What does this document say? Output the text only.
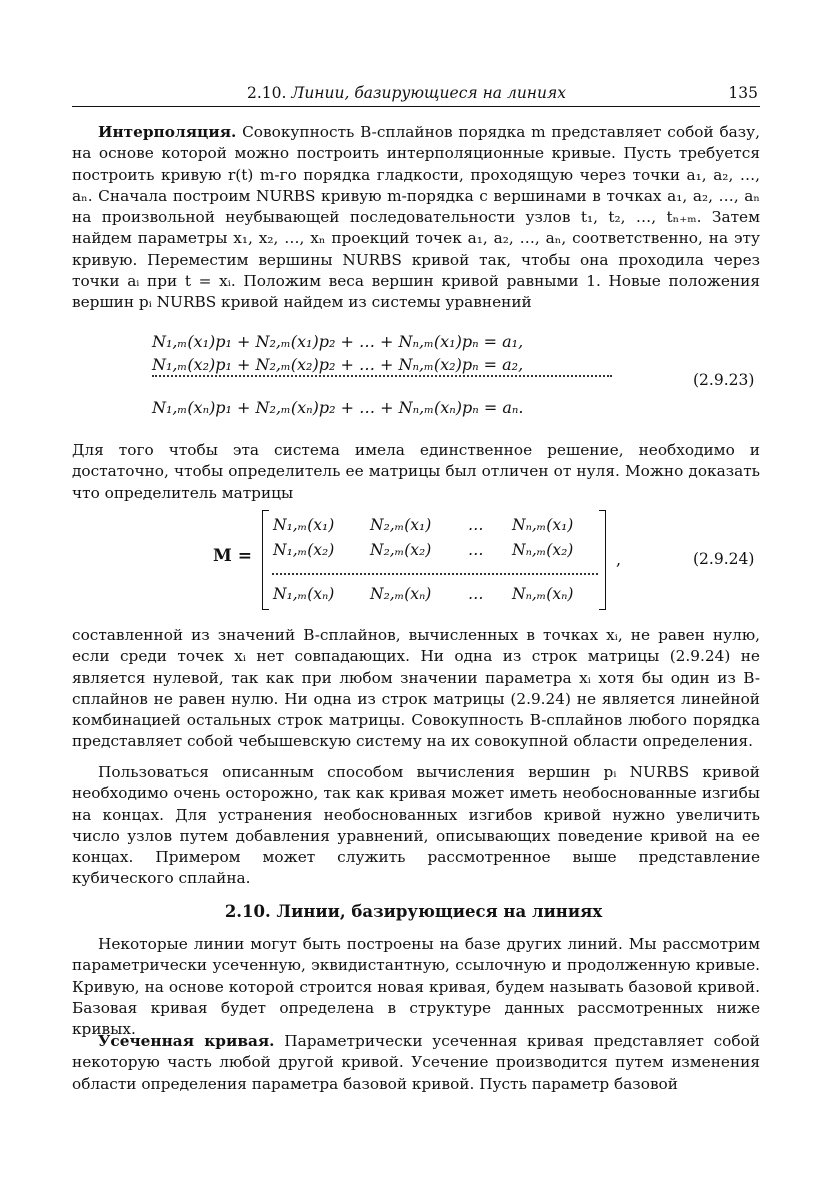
2.10. Линии, базирующиеся на линиях	135
Интерполяция. Совокупность B-сплайнов порядка m представляет собой базу, на основе которой можно построить интерполяционные кривые. Пусть требуется построить кривую r(t) m-го порядка гладкости, проходящую через точки a₁, a₂, …, aₙ. Сначала построим NURBS кривую m-порядка с вершинами в точках a₁, a₂, …, aₙ на произвольной неубывающей последовательности узлов t₁, t₂, …, tₙ₊ₘ. Затем найдем параметры x₁, x₂, …, xₙ проекций точек a₁, a₂, …, aₙ, соответственно, на эту кривую. Переместим вершины NURBS кривой так, чтобы она проходила через точки aᵢ при t = xᵢ. Положим веса вершин кривой равными 1. Новые положения вершин pᵢ NURBS кривой найдем из системы уравнений
N₁,ₘ(x₁)p₁ + N₂,ₘ(x₁)p₂ + … + Nₙ,ₘ(x₁)pₙ = a₁,
N₁,ₘ(x₂)p₁ + N₂,ₘ(x₂)p₂ + … + Nₙ,ₘ(x₂)pₙ = a₂,
N₁,ₘ(xₙ)p₁ + N₂,ₘ(xₙ)p₂ + … + Nₙ,ₘ(xₙ)pₙ = aₙ.
(2.9.23)
Для того чтобы эта система имела единственное решение, необходимо и достаточно, чтобы определитель ее матрицы был отличен от нуля. Можно доказать что определитель матрицы
M =
N₁,ₘ(x₁) N₂,ₘ(x₁) … Nₙ,ₘ(x₁)
N₁,ₘ(x₂) N₂,ₘ(x₂) … Nₙ,ₘ(x₂)
N₁,ₘ(xₙ) N₂,ₘ(xₙ) … Nₙ,ₘ(xₙ)
,	(2.9.24)
составленной из значений B-сплайнов, вычисленных в точках xᵢ, не равен нулю, если среди точек xᵢ нет совпадающих. Ни одна из строк матрицы (2.9.24) не является нулевой, так как при любом значении параметра xᵢ хотя бы один из B-сплайнов не равен нулю. Ни одна из строк матрицы (2.9.24) не является линейной комбинацией остальных строк матрицы. Совокупность B-сплайнов любого порядка представляет собой чебышевскую систему на их совокупной области определения.
Пользоваться описанным способом вычисления вершин pᵢ NURBS кривой необходимо очень осторожно, так как кривая может иметь необоснованные изгибы на концах. Для устранения необоснованных изгибов кривой нужно увеличить число узлов путем добавления уравнений, описывающих поведение кривой на ее концах. Примером может служить рассмотренное выше представление кубического сплайна.
2.10. Линии, базирующиеся на линиях
Некоторые линии могут быть построены на базе других линий. Мы рассмотрим параметрически усеченную, эквидистантную, ссылочную и продолженную кривые. Кривую, на основе которой строится новая кривая, будем называть базовой кривой. Базовая кривая будет определена в структуре данных рассмотренных ниже кривых.
Усеченная кривая. Параметрически усеченная кривая представляет собой некоторую часть любой другой кривой. Усечение производится путем изменения области определения параметра базовой кривой. Пусть параметр базовой
